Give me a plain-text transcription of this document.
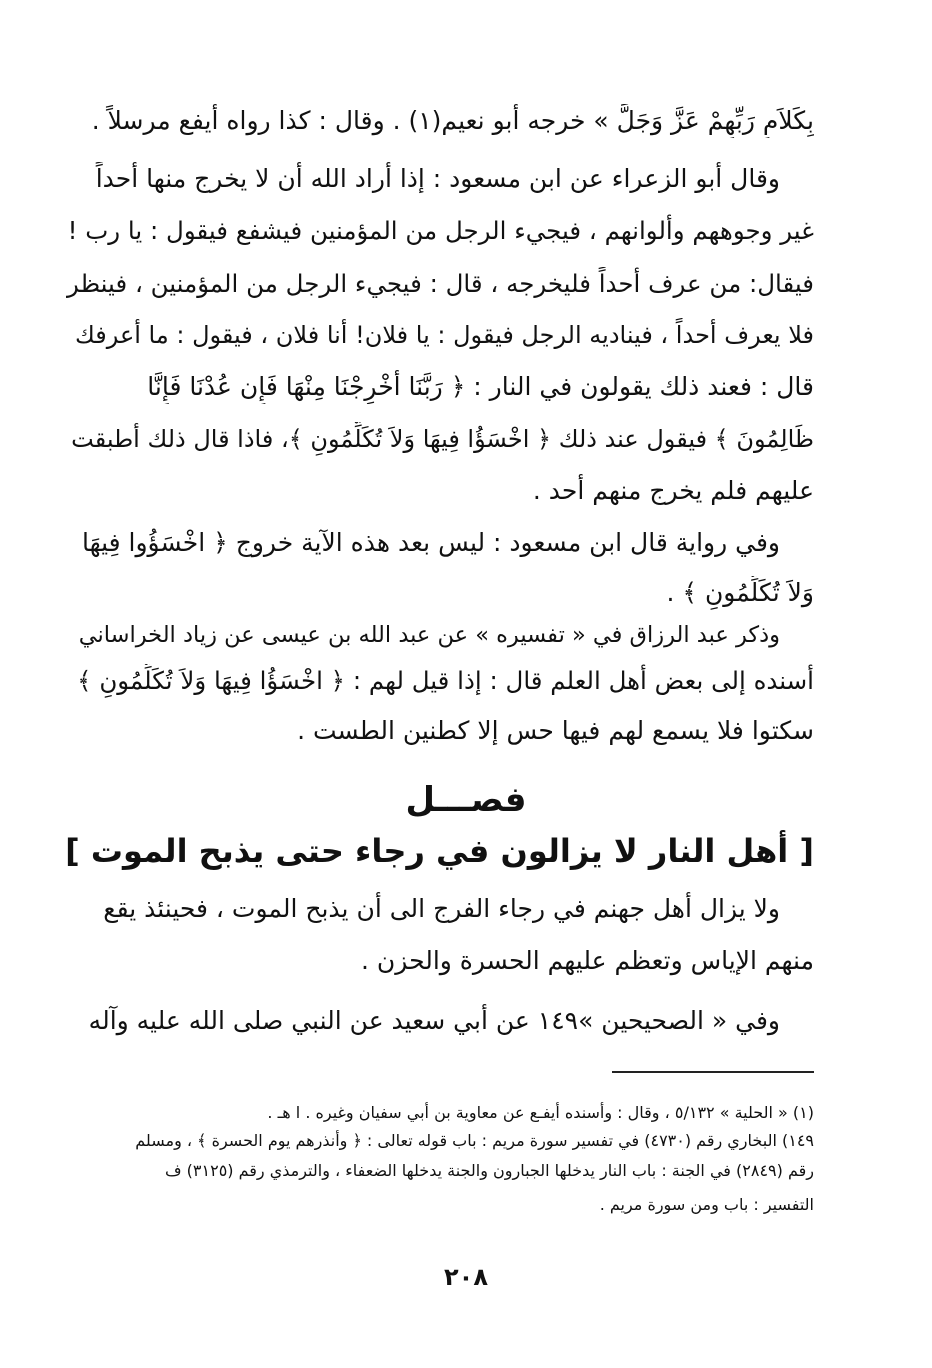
بِكَلاَمِ رَبِّهِمْ عَزَّ وَجَلَّ » خرجه أبو نعيم(١) . وقال : كذا رواه أيفع مرسلاً .
وقال أبو الزعراء عن ابن مسعود : إذا أراد الله أن لا يخرج منها أحداً
غير وجوههم وألوانهم ، فيجيء الرجل من المؤمنين فيشفع فيقول : يا رب !
فيقال: من عرف أحداً فليخرجه ، قال : فيجيء الرجل من المؤمنين ، فينظر
فلا يعرف أحداً ، فيناديه الرجل فيقول : يا فلان! أنا فلان ، فيقول : ما أعرفك
قال : فعند ذلك يقولون في النار : ﴿ رَبَّنَا أَخْرِجْنَا مِنْهَا فَإِن عُدْنَا فَإِنَّا
ظَالِمُونَ ﴾ فيقول عند ذلك ﴿ اخْسَؤُا فِيهَا وَلاَ تُكَلِّمُونِ ﴾، فاذا قال ذلك أطبقت
عليهم فلم يخرج منهم أحد .
وفي رواية قال ابن مسعود : ليس بعد هذه الآية خروج ﴿ اخْسَؤُوا فِيهَا
وَلاَ تُكَلِّمُونِ ﴾ .
وذكر عبد الرزاق في « تفسيره » عن عبد الله بن عيسى عن زياد الخراساني
أسنده إلى بعض أهل العلم قال : إذا قيل لهم : ﴿ اخْسَؤُا فِيهَا وَلاَ تُكَلِّمُونِ ﴾
سكتوا فلا يسمع لهم فيها حس إلا كطنين الطست .
فصـــل
[ أهل النار لا يزالون في رجاء حتى يذبح الموت ]
ولا يزال أهل جهنم في رجاء الفرج الى أن يذبح الموت ، فحينئذ يقع
منهم الإياس وتعظم عليهم الحسرة والحزن .
وفي « الصحيحين »١٤٩ عن أبي سعيد عن النبي صلى الله عليه وآله
(١) « الحلية » ٥/١٣٢ ، وقال : وأسنده أيفـع عن معاوية بن أبي سفيان وغيره . ا هـ .
١٤٩) البخاري رقم (٤٧٣٠) في تفسير سورة مريم : باب قوله تعالى : ﴿ وأنذرهم يوم الحسرة ﴾ ، ومسلم
رقم (٢٨٤٩) في الجنة : باب النار يدخلها الجبارون والجنة يدخلها الضعفاء ، والترمذي رقم (٣١٢٥) ف
التفسير : باب ومن سورة مريم .
٢٠٨
